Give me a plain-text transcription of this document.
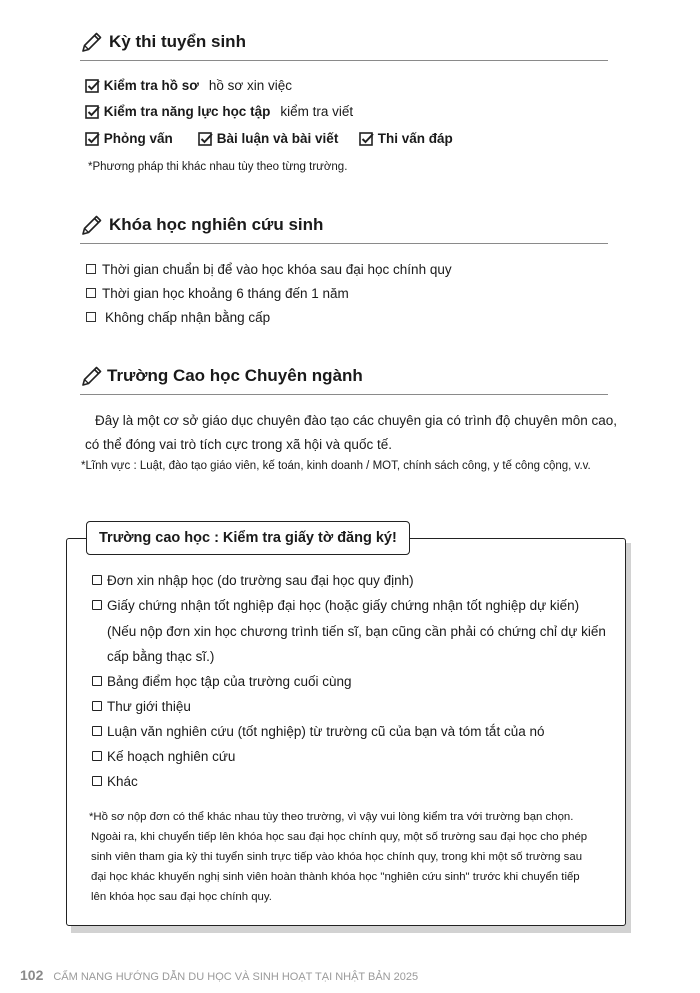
Kỳ thi tuyển sinh
Kiểm tra hồ sơ hồ sơ xin việc
Kiểm tra năng lực học tập kiểm tra viết
Phỏng vấn	Bài luận và bài viết	Thi vấn đáp
*Phương pháp thi khác nhau tùy theo từng trường.
Khóa học nghiên cứu sinh
Thời gian chuẩn bị để vào học khóa sau đại học chính quy
Thời gian học khoảng 6 tháng đến 1 năm
Không chấp nhận bằng cấp
Trường Cao học Chuyên ngành
Đây là một cơ sở giáo dục chuyên đào tạo các chuyên gia có trình độ chuyên môn cao,
có thể đóng vai trò tích cực trong xã hội và quốc tế.
*Lĩnh vực : Luật, đào tạo giáo viên, kế toán, kinh doanh / MOT, chính sách công, y tế công cộng, v.v.
Trường cao học : Kiểm tra giấy tờ đăng ký!
Đơn xin nhập học (do trường sau đại học quy định)
Giấy chứng nhận tốt nghiệp đại học (hoặc giấy chứng nhận tốt nghiệp dự kiến)
(Nếu nộp đơn xin học chương trình tiến sĩ, bạn cũng cần phải có chứng chỉ dự kiến
cấp bằng thạc sĩ.)
Bảng điểm học tập của trường cuối cùng
Thư giới thiệu
Luận văn nghiên cứu (tốt nghiệp) từ trường cũ của bạn và tóm tắt của nó
Kế hoạch nghiên cứu
Khác
*Hồ sơ nộp đơn có thể khác nhau tùy theo trường, vì vậy vui lòng kiểm tra với trường bạn chọn.
Ngoài ra, khi chuyển tiếp lên khóa học sau đại học chính quy, một số trường sau đại học cho phép
sinh viên tham gia kỳ thi tuyển sinh trực tiếp vào khóa học chính quy, trong khi một số trường sau
đại học khác khuyến nghị sinh viên hoàn thành khóa học "nghiên cứu sinh" trước khi chuyển tiếp
lên khóa học sau đại học chính quy.
102 CẨM NANG HƯỚNG DẪN DU HỌC VÀ SINH HOẠT TẠI NHẬT BẢN 2025
